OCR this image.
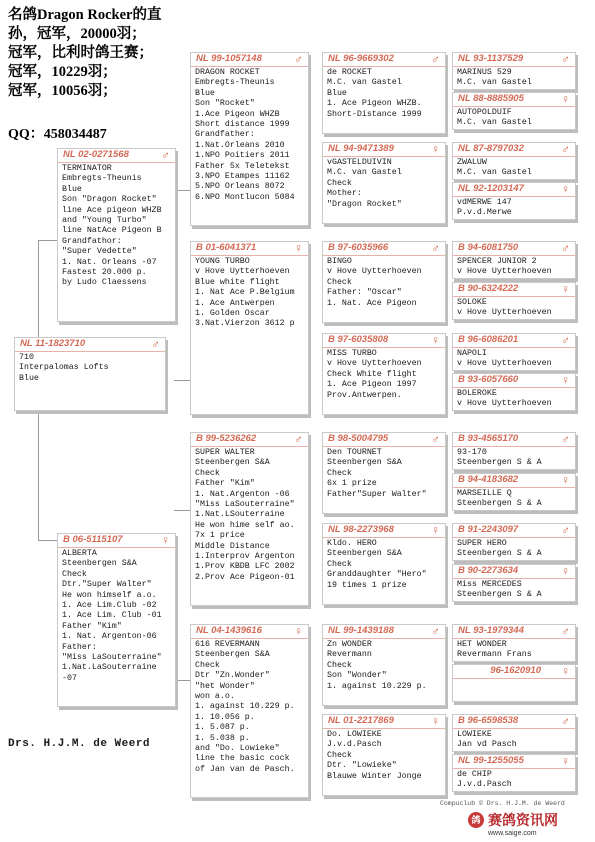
名鸽Dragon Rocker的直
孙，冠军，20000羽；
冠军，比利时鸽王赛；
冠军，10229羽；
冠军，10056羽；
QQ：458034487
NL 11-1823710	♂
710
Interpalomas Lofts
Blue
NL 02-0271568	♂
TERMINATOR
Embregts-Theunis
Blue
Son "Dragon Rocket"
line Ace pigeon WHZB
and "Young Turbo"
line NatAce Pigeon B
Grandfathor:
"Super Vedette"
1. Nat. Orleans -07
Fastest 20.000 p.
by Ludo Claessens
B 06-5115107	♀
ALBERTA
Steenbergen S&A
Check
Dtr."Super Walter"
He won himself a.o.
1. Ace Lim.Club -02
1. Ace Lim. Club -01
Father "Kim"
1. Nat. Argenton-06
Father:
"Miss LaSouterraine"
1.Nat.LaSouterraine
-07
NL 99-1057148	♂
DRAGON ROCKET
Embregts-Theunis
Blue
Son "Rocket"
1.Ace Pigeon WHZB
Short distance 1999
Grandfather:
1.Nat.Orleans 2010
1.NPO Poitiers 2011
Father 5x Teletekst
3.NPO Etampes 11162
5.NPO Orleans 8072
6.NPO Montlucon 5084
B 01-6041371	♀
YOUNG TURBO
v Hove Uytterhoeven
Blue white flight
1. Nat Ace P.Belgium
1. Ace Antwerpen
1. Golden Oscar
3.Nat.Vierzon 3612 p
B 99-5236262	♂
SUPER WALTER
Steenbergen S&A
Check
Father "Kim"
1. Nat.Argenton -06
"Miss LaSouterraine"
1.Nat.LSouterraine
He won hime self ao.
7x 1 price
Middle Distance
1.Interprov Argenton
1.Prov KBDB LFC 2002
2.Prov Ace Pigeon-01
NL 04-1439616	♀
616 REVERMANN
Steenbergen S&A
Check
Dtr "Zn.Wonder"
"het Wonder"
won a.o.
1. against 10.229 p.
1. 10.056 p.
1. 5.087 p.
1. 5.038 p.
and "Do. Lowieke"
line the basic cock
of Jan van de Pasch.
NL 96-9669302	♂
de ROCKET
M.C. van Gastel
Blue
1. Ace Pigeon WHZB.
Short-Distance 1999
NL 94-9471389	♀
vGASTELDUIVIN
M.C. van Gastel
Check
Mother:
"Dragon Rocket"
B 97-6035966	♂
BINGO
v Hove Uytterhoeven
Check
Father: "Oscar"
1. Nat. Ace Pigeon
B 97-6035808	♀
MISS TURBO
v Hove Uytterhoeven
Check White flight
1. Ace Pigeon 1997
Prov.Antwerpen.
B 98-5004795	♂
Den TOURNET
Steenbergen S&A
Check
6x 1 prize
Father"Super Walter"
NL 98-2273968	♀
Kldo. HERO
Steenbergen S&A
Check
Granddaughter "Hero"
19 times 1 prize
NL 99-1439188	♂
Zn WONDER
Revermann
Check
Son "Wonder"
1. against 10.229 p.
NL 01-2217869	♀
Do. LOWIEKE
J.v.d.Pasch
Check
Dtr. "Lowieke"
Blauwe Winter Jonge
NL 93-1137529	♂
MARINUS 529
M.C. van Gastel
NL 88-8885905	♀
AUTOPOLDUIF
M.C. van Gastel
NL 87-8797032	♂
ZWALUW
M.C. van Gastel
NL 92-1203147	♀
vdMERWE 147
P.v.d.Merwe
B 94-6081750	♂
SPENCER JUNIOR 2
v Hove Uytterhoeven
B 90-6324222	♀
SOLOKE
v Hove Uytterhoeven
B 96-6086201	♂
NAPOLI
v Hove Uytterhoeven
B 93-6057660	♀
BOLEROKE
v Hove Uytterhoeven
B 93-4565170	♂
93-170
Steenbergen S & A
B 94-4183682	♀
MARSEILLE Q
Steenbergen S & A
B 91-2243097	♂
SUPER HERO
Steenbergen S & A
B 90-2273634	♀
Miss MERCEDES
Steenbergen S & A
NL 93-1979344	♂
HET WONDER
Revermann Frans
96-1620910 ♀
B 96-6598538	♂
LOWIEKE
Jan vd Pasch
NL 99-1255055	♀
de CHIP
J.v.d.Pasch
Drs. H.J.M. de Weerd
Compuclub © Drs. H.J.M. de Weerd
鸽 赛鸽资讯网
www.saige.com
